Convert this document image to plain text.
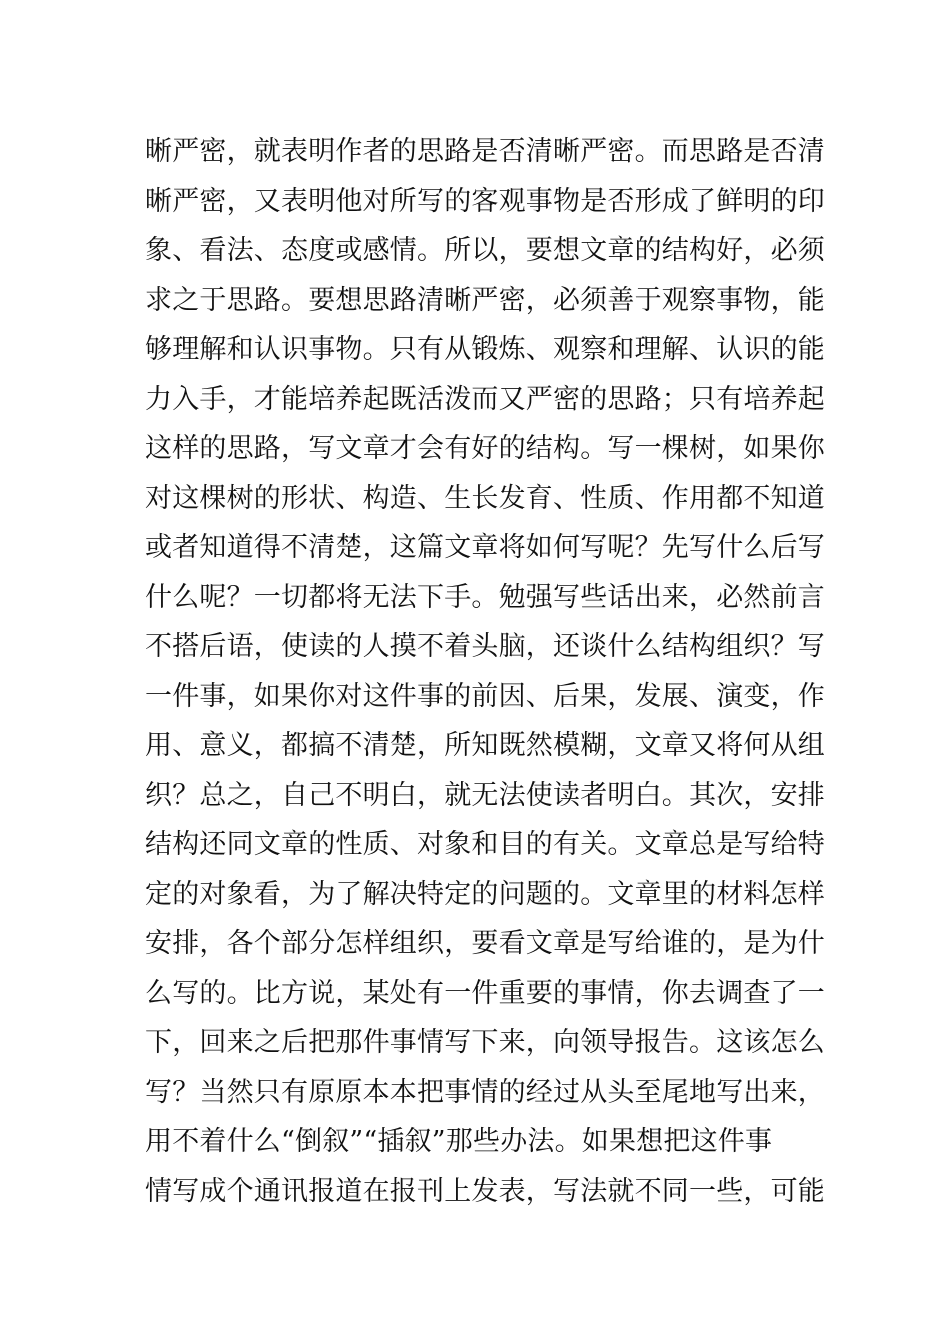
晰严密，就表明作者的思路是否清晰严密。而思路是否清
晰严密，又表明他对所写的客观事物是否形成了鲜明的印
象、看法、态度或感情。所以，要想文章的结构好，必须
求之于思路。要想思路清晰严密，必须善于观察事物，能
够理解和认识事物。只有从锻炼、观察和理解、认识的能
力入手，才能培养起既活泼而又严密的思路；只有培养起
这样的思路，写文章才会有好的结构。写一棵树，如果你
对这棵树的形状、构造、生长发育、性质、作用都不知道
或者知道得不清楚，这篇文章将如何写呢？先写什么后写
什么呢？一切都将无法下手。勉强写些话出来，必然前言
不搭后语，使读的人摸不着头脑，还谈什么结构组织？写
一件事，如果你对这件事的前因、后果，发展、演变，作
用、意义，都搞不清楚，所知既然模糊，文章又将何从组
织？总之，自己不明白，就无法使读者明白。其次，安排
结构还同文章的性质、对象和目的有关。文章总是写给特
定的对象看，为了解决特定的问题的。文章里的材料怎样
安排，各个部分怎样组织，要看文章是写给谁的，是为什
么写的。比方说，某处有一件重要的事情，你去调查了一
下，回来之后把那件事情写下来，向领导报告。这该怎么
写？当然只有原原本本把事情的经过从头至尾地写出来，
用不着什么“倒叙”“插叙”那些办法。如果想把这件事
情写成个通讯报道在报刊上发表，写法就不同一些，可能
